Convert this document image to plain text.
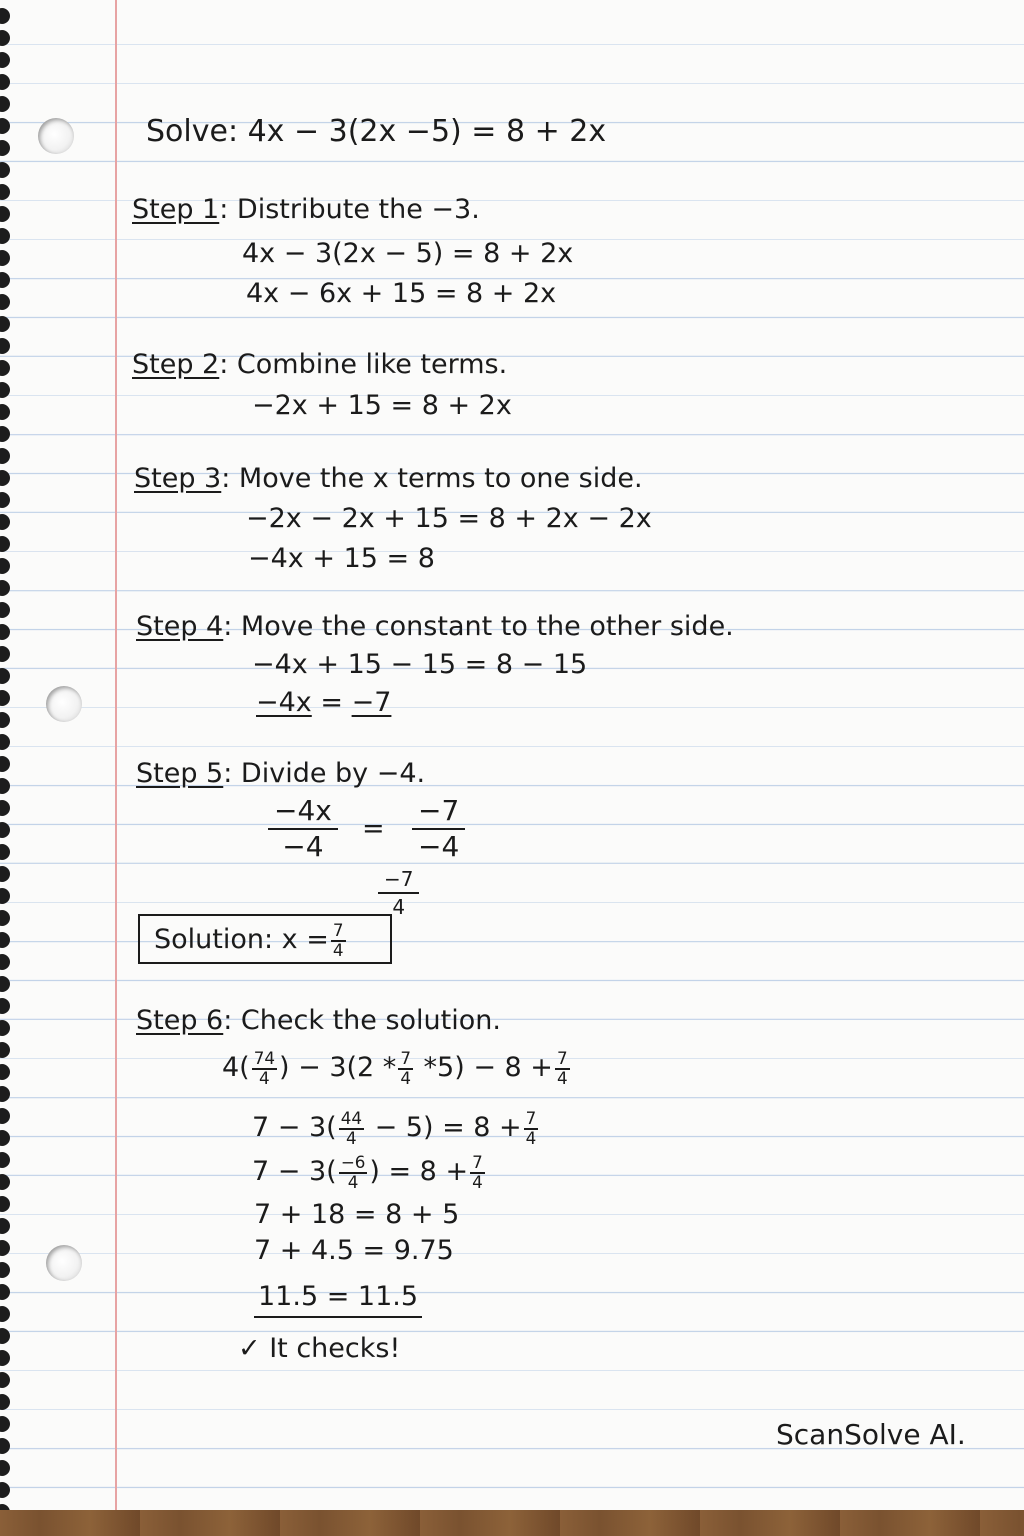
Solve: 4x − 3(2x −5) = 8 + 2x
Step 1: Distribute the −3.
4x − 3(2x − 5) = 8 + 2x
4x − 6x + 15 = 8 + 2x
Step 2: Combine like terms.
−2x + 15 = 8 + 2x
Step 3: Move the x terms to one side.
−2x − 2x + 15 = 8 + 2x − 2x
−4x + 15 = 8
Step 4: Move the constant to the other side.
−4x + 15 − 15 = 8 − 15
−4x = −7
Step 5: Divide by −4.
$\frac{-4x}{-4} = \frac{-7}{-4}$
$\frac{-7}{4}$
Solution: $x = \frac{7}{4}$
Step 6: Check the solution.
$4( \frac{74}{4}$ ) − $3(2 * \frac{7}{4} *5) - 8 + \frac{7}{4}$
$7 - 3( \frac{44}{4} - 5) = 8 + \frac{7}{4}$
$7 - 3( \frac{-6}{4}$ ) = $8 + \frac{7}{4}$
7 + 18 = 8 + 5
7 + 4.5 = 9.75
11.5 = 11.5
✓ It checks!
ScanSolve AI.
